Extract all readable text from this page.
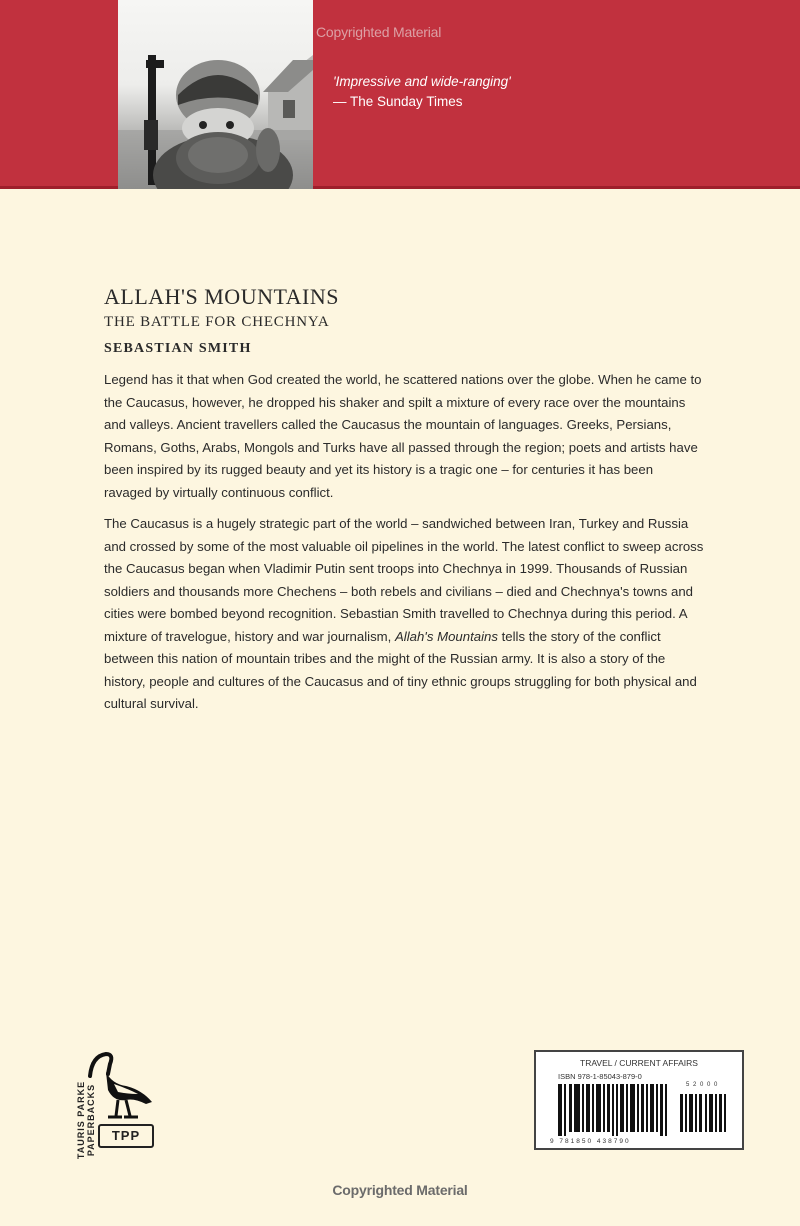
Copyrighted Material
'Impressive and wide-ranging'
— The Sunday Times
ALLAH'S MOUNTAINS
THE BATTLE FOR CHECHNYA
SEBASTIAN SMITH

Legend has it that when God created the world, he scattered nations over the globe. When he came to the Caucasus, however, he dropped his shaker and spilt a mixture of every race over the mountains and valleys. Ancient travellers called the Caucasus the mountain of languages. Greeks, Persians, Romans, Goths, Arabs, Mongols and Turks have all passed through the region; poets and artists have been inspired by its rugged beauty and yet its history is a tragic one – for centuries it has been ravaged by virtually continuous conflict.

The Caucasus is a hugely strategic part of the world – sandwiched between Iran, Turkey and Russia and crossed by some of the most valuable oil pipelines in the world. The latest conflict to sweep across the Caucasus began when Vladimir Putin sent troops into Chechnya in 1999. Thousands of Russian soldiers and thousands more Chechens – both rebels and civilians – died and Chechnya's towns and cities were bombed beyond recognition. Sebastian Smith travelled to Chechnya during this period. A mixture of travelogue, history and war journalism, Allah's Mountains tells the story of the conflict between this nation of mountain tribes and the might of the Russian army. It is also a story of the history, people and cultures of the Caucasus and of tiny ethnic groups struggling for both physical and cultural survival.

TAURIS PARKE PAPERBACKS	TPP
TRAVEL / CURRENT AFFAIRS
ISBN 978-1-85043-879-0
5 2 0 0 0
9 781850 438790
Copyrighted Material
